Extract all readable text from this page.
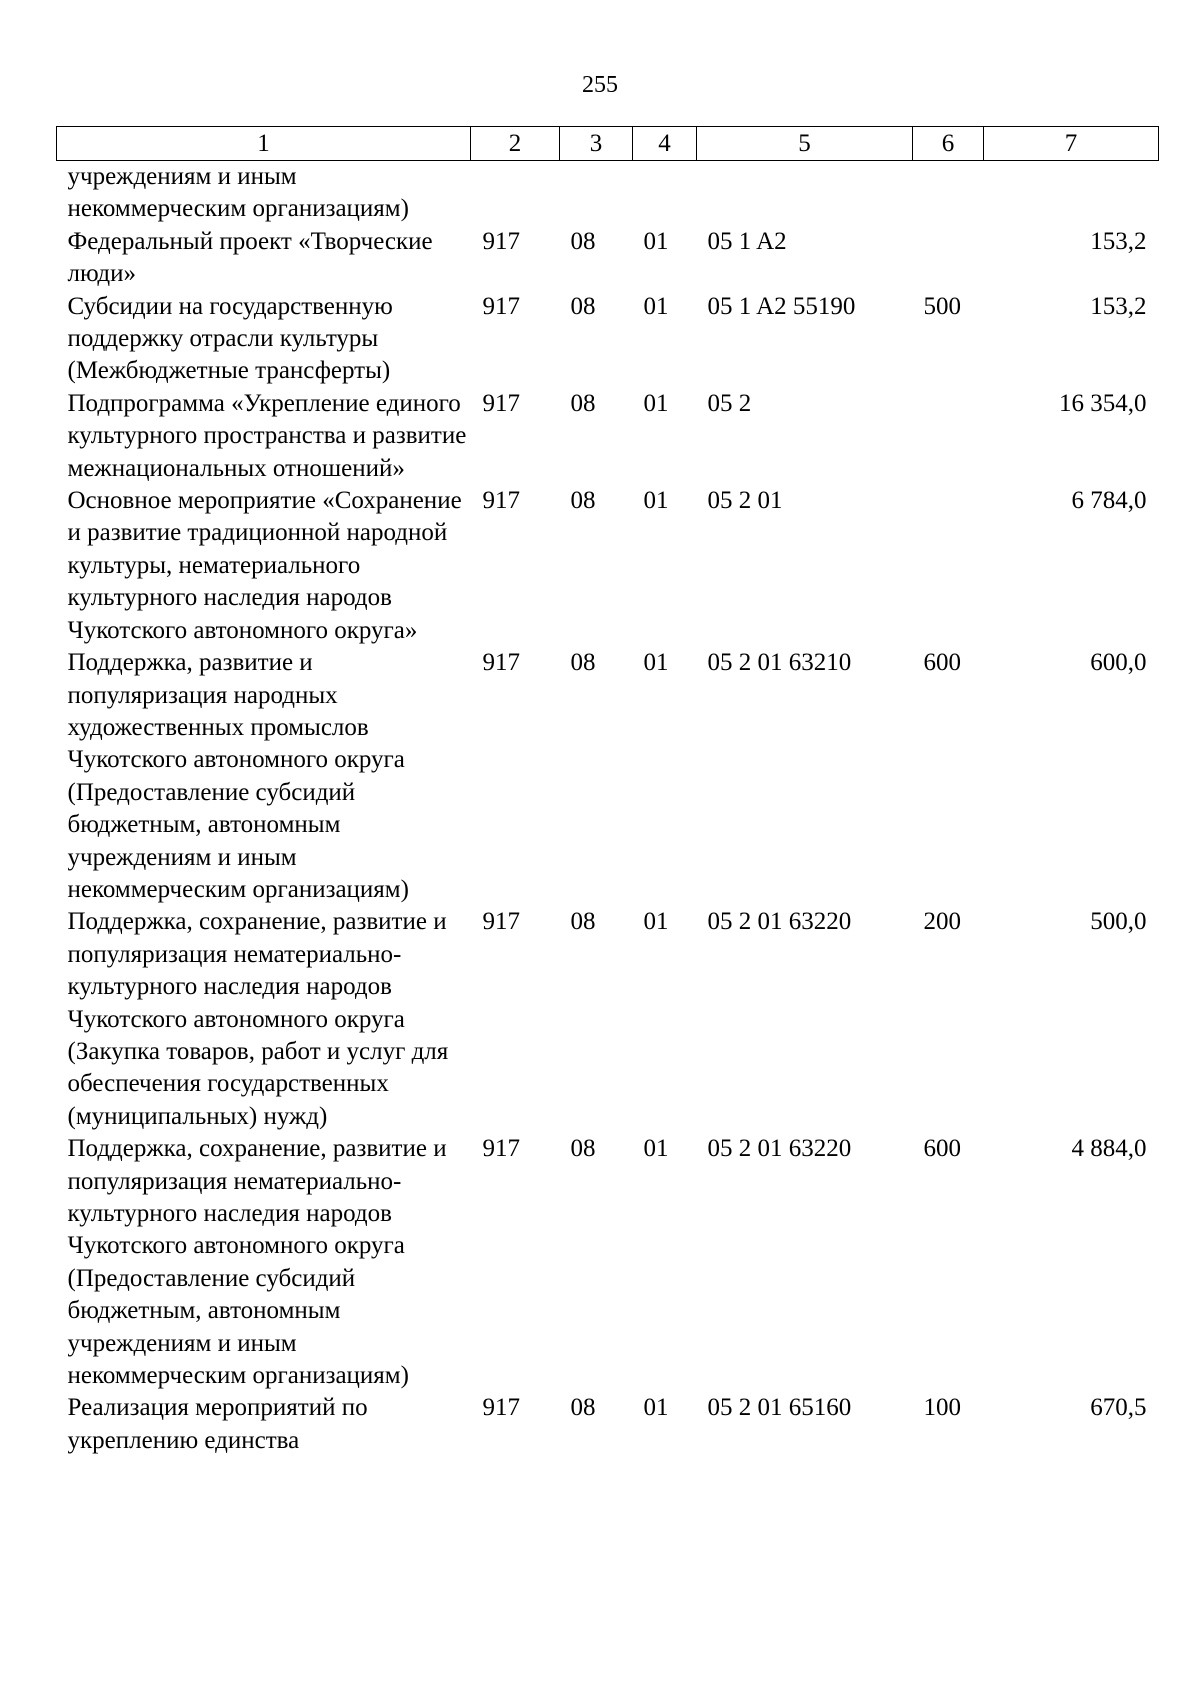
255
1	2	3	4	5	6	7
учреждениям и иным некоммерческим организациям)						
Федеральный проект «Творческие люди»	917	08	01	05 1 A2		153,2
Субсидии на государственную поддержку отрасли культуры (Межбюджетные трансферты)	917	08	01	05 1 A2 55190	500	153,2
Подпрограмма «Укрепление единого культурного пространства и развитие межнациональных отношений»	917	08	01	05 2		16 354,0
Основное мероприятие «Сохранение и развитие традиционной народной культуры, нематериального культурного наследия народов Чукотского автономного округа»	917	08	01	05 2 01		6 784,0
Поддержка, развитие и популяризация народных художественных промыслов Чукотского автономного округа (Предоставление субсидий бюджетным, автономным учреждениям и иным некоммерческим организациям)	917	08	01	05 2 01 63210	600	600,0
Поддержка, сохранение, развитие и популяризация нематериально-культурного наследия народов Чукотского автономного округа (Закупка товаров, работ и услуг для обеспечения государственных (муниципальных) нужд)	917	08	01	05 2 01 63220	200	500,0
Поддержка, сохранение, развитие и популяризация нематериально-культурного наследия народов Чукотского автономного округа (Предоставление субсидий бюджетным, автономным учреждениям и иным некоммерческим организациям)	917	08	01	05 2 01 63220	600	4 884,0
Реализация мероприятий по укреплению единства	917	08	01	05 2 01 65160	100	670,5
